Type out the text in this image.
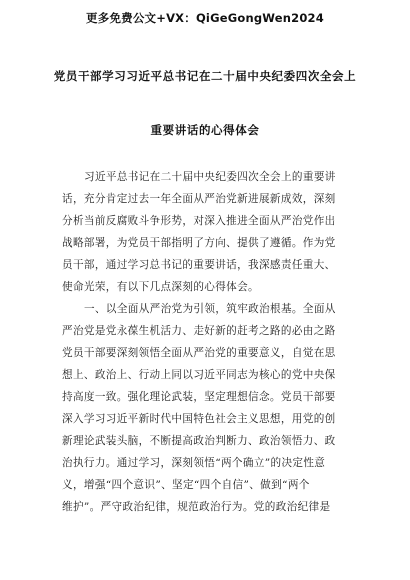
更多免费公文+VX：QiGeGongWen2024
党员干部学习习近平总书记在二十届中央纪委四次全会上
重要讲话的心得体会
习近平总书记在二十届中央纪委四次全会上的重要讲
话，充分肯定过去一年全面从严治党新进展新成效，深刻
分析当前反腐败斗争形势，对深入推进全面从严治党作出
战略部署，为党员干部指明了方向、提供了遵循。作为党
员干部，通过学习总书记的重要讲话，我深感责任重大、
使命光荣，有以下几点深刻的心得体会。
一、以全面从严治党为引领，筑牢政治根基。全面从
严治党是党永葆生机活力、走好新的赶考之路的必由之路
党员干部要深刻领悟全面从严治党的重要意义，自觉在思
想上、政治上、行动上同以习近平同志为核心的党中央保
持高度一致。强化理论武装，坚定理想信念。党员干部要
深入学习习近平新时代中国特色社会主义思想，用党的创
新理论武装头脑，不断提高政治判断力、政治领悟力、政
治执行力。通过学习，深刻领悟“两个确立”的决定性意
义，增强“四个意识”、坚定“四个自信”、做到“两个
维护”。严守政治纪律，规范政治行为。党的政治纪律是
